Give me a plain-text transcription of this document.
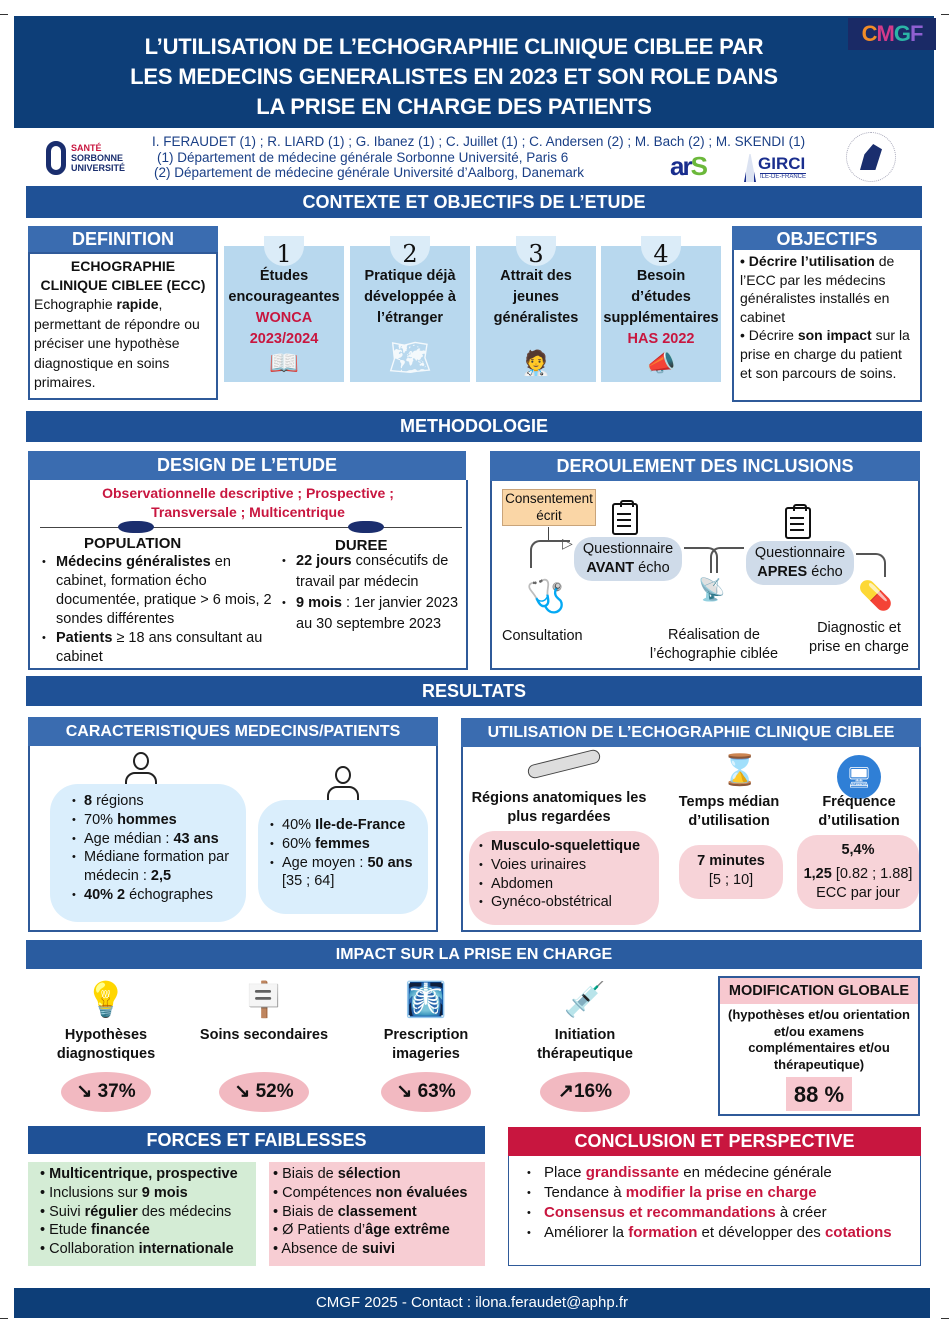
L’UTILISATION DE L’ECHOGRAPHIE CLINIQUE CIBLEE PAR
LES MEDECINS GENERALISTES EN 2023 ET SON ROLE DANS
LA PRISE EN CHARGE DES PATIENTS
C M G F
SANTÉ
SORBONNE
UNIVERSITÉ
I. FERAUDET (1) ; R. LIARD (1) ; G. Ibanez (1) ; C. Juillet (1) ; C. Andersen (2) ; M. Bach (2) ; M. SKENDI (1)
(1) Département de médecine générale Sorbonne Université, Paris 6
(2) Département de médecine générale Université d’Aalborg, Danemark	arS	GIRCI
ILE-DE-FRANCE
CONTEXTE ET OBJECTIFS DE L’ETUDE
DEFINITION
ECHOGRAPHIE
CLINIQUE CIBLEE (ECC)
Echographie rapide, permettant de répondre ou préciser une hypothèse diagnostique en soins primaires.
1
Études
encourageantes
WONCA
2023/2024
📖
2
Pratique déjà
développée à
l’étranger
🗺
3
Attrait des
jeunes
généralistes
🧑‍⚕️
4
Besoin
d’études
supplémentaires
HAS 2022
📣
OBJECTIFS
• Décrire l’utilisation de l’ECC par les médecins généralistes installés en cabinet
• Décrire son impact sur la prise en charge du patient et son parcours de soins.
METHODOLOGIE
DESIGN DE L’ETUDE
Observationnelle descriptive ; Prospective ;
Transversale ; Multicentrique
POPULATION	DUREE
• Médecins généralistes en cabinet, formation écho documentée, pratique > 6 mois, 2 sondes différentes
• Patients ≥ 18 ans consultant au cabinet
• 22 jours consécutifs de travail par médecin
• 9 mois : 1er janvier 2023 au 30 septembre 2023
DEROULEMENT DES INCLUSIONS
Consentement écrit
▷ Questionnaire
AVANT écho
Questionnaire
APRES écho
🩺	📡	💊
Consultation	Réalisation de l’échographie ciblée
Diagnostic et prise en charge
RESULTATS
CARACTERISTIQUES MEDECINS/PATIENTS
• 8 régions
• 70% hommes
• Age médian : 43 ans
• Médiane formation par médecin : 2,5
• 40% 2 échographes
• 40% Ile-de-France
• 60% femmes
• Age moyen : 50 ans [35 ; 64]
UTILISATION DE L’ECHOGRAPHIE CLINIQUE CIBLEE
Régions anatomiques les plus regardées
• Musculo-squelettique
• Voies urinaires
• Abdomen
• Gynéco-obstétrical
⌛
Temps médian d’utilisation
7 minutes
[5 ; 10]
🖥
Fréquence d’utilisation
5,4%
1,25 [0.82 ; 1.88]
ECC par jour
IMPACT SUR LA PRISE EN CHARGE
💡
Hypothèses diagnostiques
↘ 37%
🪧
Soins secondaires
↘ 52%
🩻
Prescription imageries
↘ 63%
💉
Initiation thérapeutique
↗16%
MODIFICATION GLOBALE
(hypothèses et/ou orientation et/ou examens complémentaires et/ou thérapeutique)
88 %
FORCES ET FAIBLESSES
• Multicentrique, prospective
• Inclusions sur 9 mois
• Suivi régulier des médecins
• Etude financée
• Collaboration internationale
• Biais de sélection
• Compétences non évaluées
• Biais de classement
• Ø Patients d’âge extrême
• Absence de suivi
CONCLUSION ET PERSPECTIVE
• Place grandissante en médecine générale
• Tendance à modifier la prise en charge
• Consensus et recommandations à créer
• Améliorer la formation et développer des cotations
CMGF 2025 - Contact : ilona.feraudet@aphp.fr
